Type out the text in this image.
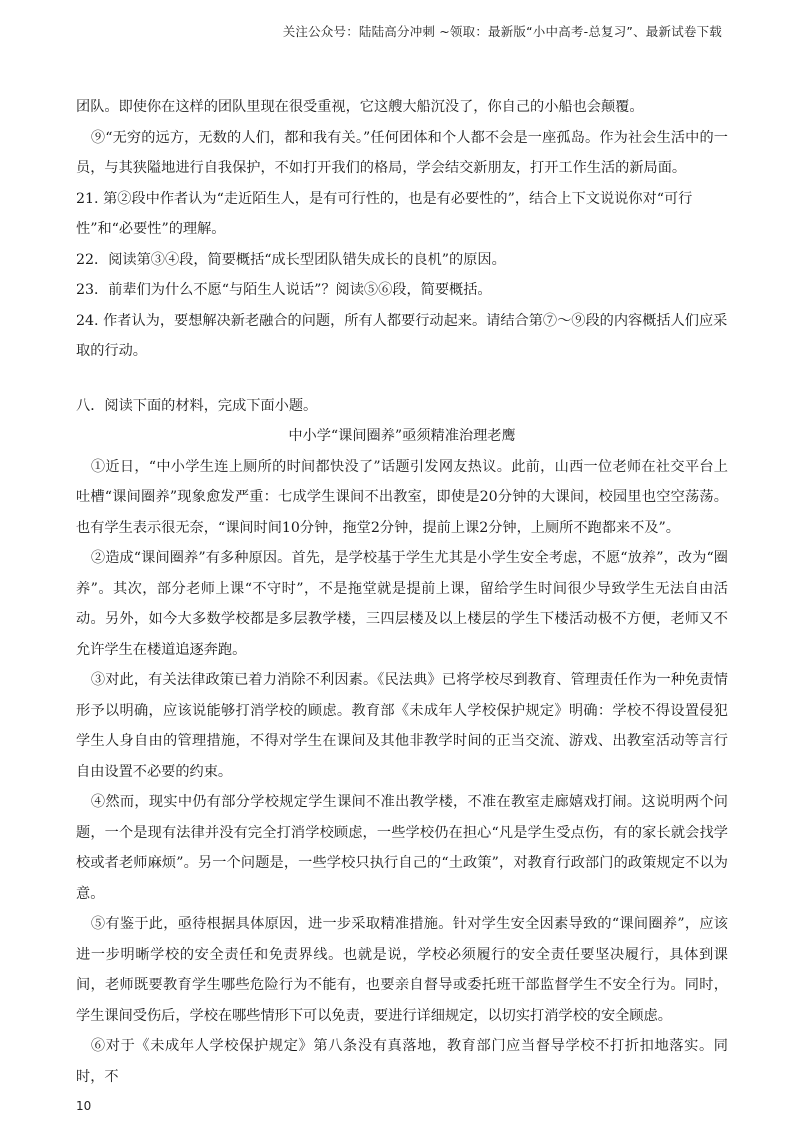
关注公众号：陆陆高分冲刺 ~领取：最新版“小中高考-总复习”、最新试卷下载

团队。即使你在这样的团队里现在很受重视，它这艘大船沉没了，你自己的小船也会颠覆。

⑨“无穷的远方，无数的人们，都和我有关。”任何团体和个人都不会是一座孤岛。作为社会生活中的一员，与其狭隘地进行自我保护，不如打开我们的格局，学会结交新朋友，打开工作生活的新局面。

21. 第②段中作者认为“走近陌生人，是有可行性的，也是有必要性的”，结合上下文说说你对“可行性”和“必要性”的理解。

22．阅读第③④段，简要概括“成长型团队错失成长的良机”的原因。

23．前辈们为什么不愿“与陌生人说话”？阅读⑤⑥段，简要概括。

24. 作者认为，要想解决新老融合的问题，所有人都要行动起来。请结合第⑦～⑨段的内容概括人们应采取的行动。

八．阅读下面的材料，完成下面小题。

中小学“课间圈养”亟须精准治理老鹰

①近日，“中小学生连上厕所的时间都快没了”话题引发网友热议。此前，山西一位老师在社交平台上吐槽“课间圈养”现象愈发严重：七成学生课间不出教室，即使是20分钟的大课间，校园里也空空荡荡。也有学生表示很无奈，“课间时间10分钟，拖堂2分钟，提前上课2分钟，上厕所不跑都来不及”。

②造成“课间圈养”有多种原因。首先，是学校基于学生尤其是小学生安全考虑，不愿“放养”，改为“圈养”。其次，部分老师上课“不守时”，不是拖堂就是提前上课，留给学生时间很少导致学生无法自由活动。另外，如今大多数学校都是多层教学楼，三四层楼及以上楼层的学生下楼活动极不方便，老师又不允许学生在楼道追逐奔跑。

③对此，有关法律政策已着力消除不利因素。《民法典》已将学校尽到教育、管理责任作为一种免责情形予以明确，应该说能够打消学校的顾虑。教育部《未成年人学校保护规定》明确：学校不得设置侵犯学生人身自由的管理措施，不得对学生在课间及其他非教学时间的正当交流、游戏、出教室活动等言行自由设置不必要的约束。

④然而，现实中仍有部分学校规定学生课间不准出教学楼，不准在教室走廊嬉戏打闹。这说明两个问题，一个是现有法律并没有完全打消学校顾虑，一些学校仍在担心“凡是学生受点伤，有的家长就会找学校或者老师麻烦”。另一个问题是，一些学校只执行自己的“土政策”，对教育行政部门的政策规定不以为意。

⑤有鉴于此，亟待根据具体原因，进一步采取精准措施。针对学生安全因素导致的“课间圈养”，应该进一步明晰学校的安全责任和免责界线。也就是说，学校必须履行的安全责任要坚决履行，具体到课间，老师既要教育学生哪些危险行为不能有，也要亲自督导或委托班干部监督学生不安全行为。同时，学生课间受伤后，学校在哪些情形下可以免责，要进行详细规定，以切实打消学校的安全顾虑。

⑥对于《未成年人学校保护规定》第八条没有真落地，教育部门应当督导学校不打折扣地落实。同时，不

10
